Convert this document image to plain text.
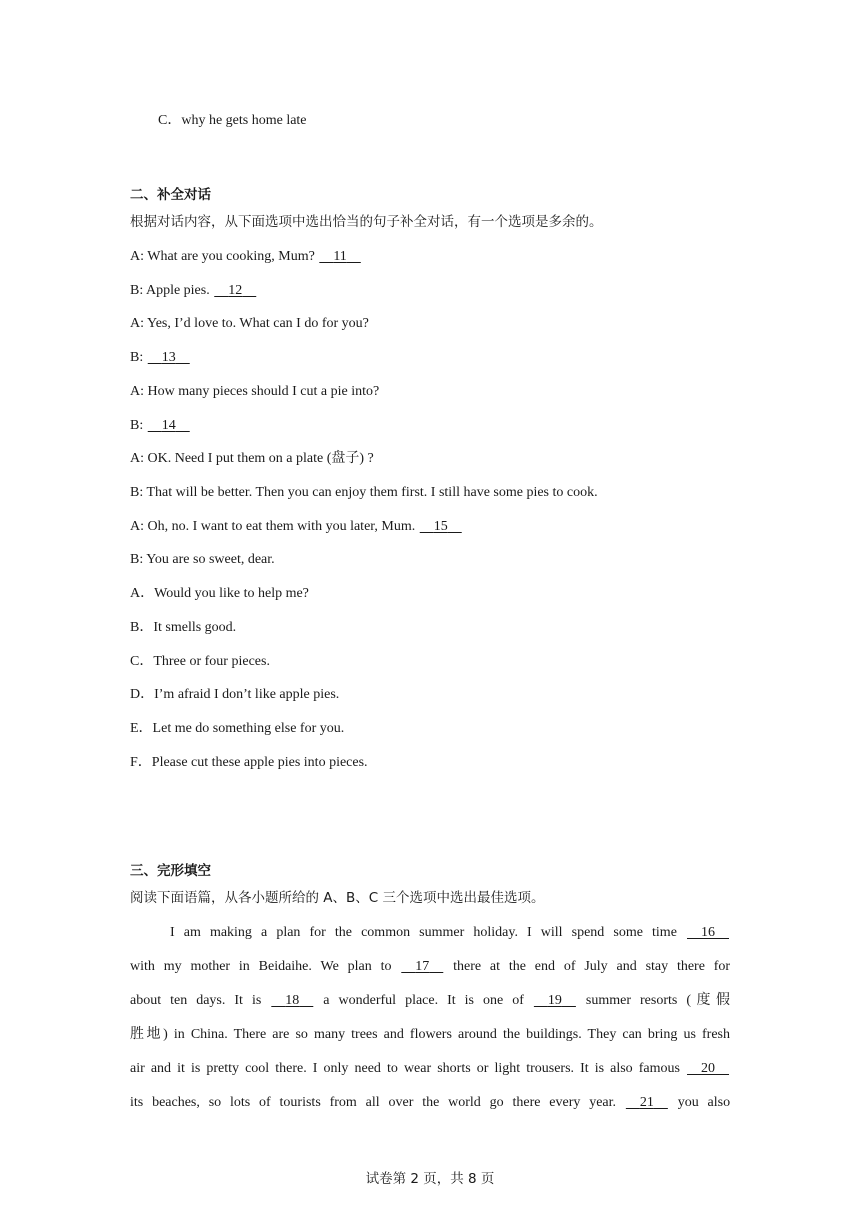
C．why he gets home late
二、补全对话
根据对话内容，从下面选项中选出恰当的句子补全对话，有一个选项是多余的。
A: What are you cooking, Mum? 11
B: Apple pies. 12
A: Yes, I’d love to. What can I do for you?
B: 13
A: How many pieces should I cut a pie into?
B: 14
A: OK. Need I put them on a plate (盘子) ?
B: That will be better. Then you can enjoy them first. I still have some pies to cook.
A: Oh, no. I want to eat them with you later, Mum. 15
B: You are so sweet, dear.
A．Would you like to help me?
B．It smells good.
C．Three or four pieces.
D．I’m afraid I don’t like apple pies.
E．Let me do something else for you.
F．Please cut these apple pies into pieces.
三、完形填空
阅读下面语篇，从各小题所给的 A、B、C 三个选项中选出最佳选项。
I am making a plan for the common summer holiday. I will spend some time 16
with my mother in Beidaihe. We plan to 17 there at the end of July and stay there for
about ten days. It is 18 a wonderful place. It is one of 19 summer resorts (度假
胜地) in China. There are so many trees and flowers around the buildings. They can bring us fresh
air and it is pretty cool there. I only need to wear shorts or light trousers. It is also famous 20
its beaches, so lots of tourists from all over the world go there every year. 21 you also
试卷第 2 页，共 8 页
